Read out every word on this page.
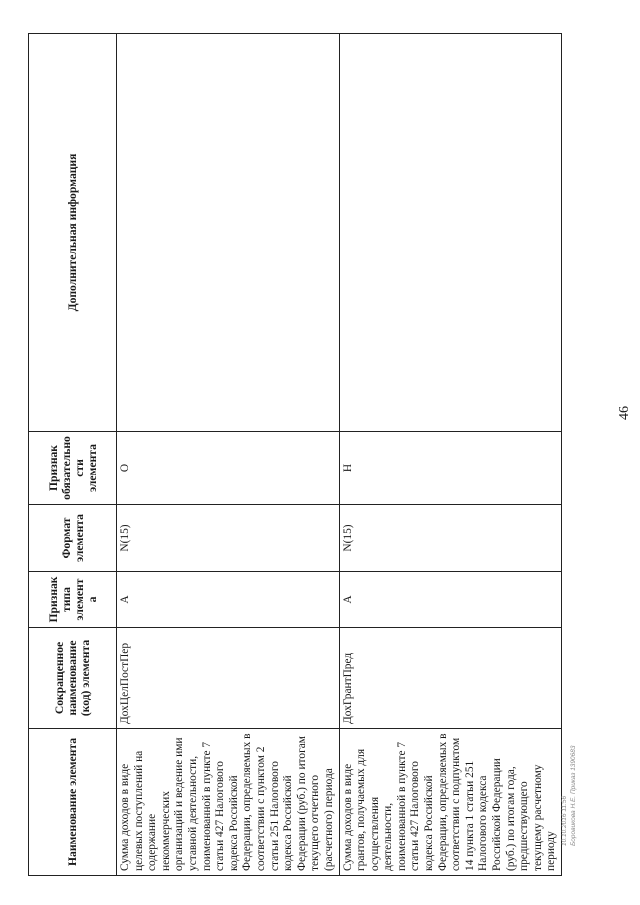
46
Наименование элемента	Сокращенное наименование (код) элемента	Признак типа элемента	Формат элемента	Признак обязательности элемента	Дополнительная информация
Сумма доходов в виде целевых поступлений на содержание некоммерческих организаций и ведение ими уставной деятельности, поименованной в пункте 7 статьи 427 Налогового кодекса Российской Федерации, определяемых в соответствии с пунктом 2 статьи 251 Налогового кодекса Российской Федерации (руб.) по итогам текущего отчетного (расчетного) периода	ДохЦелПостПер	А	N(15)	О	
Сумма доходов в виде грантов, получаемых для осуществления деятельности, поименованной в пункте 7 статьи 427 Налогового кодекса Российской Федерации, определяемых в соответствии с подпунктом 14 пункта 1 статьи 251 Налогового кодекса Российской Федерации (руб.) по итогам года, предшествующего текущему расчетному периоду	ДохГрантПред	А	N(15)	Н	
10.10.2016 11:56 Боровикова Н.Е. Приказ 1390683
